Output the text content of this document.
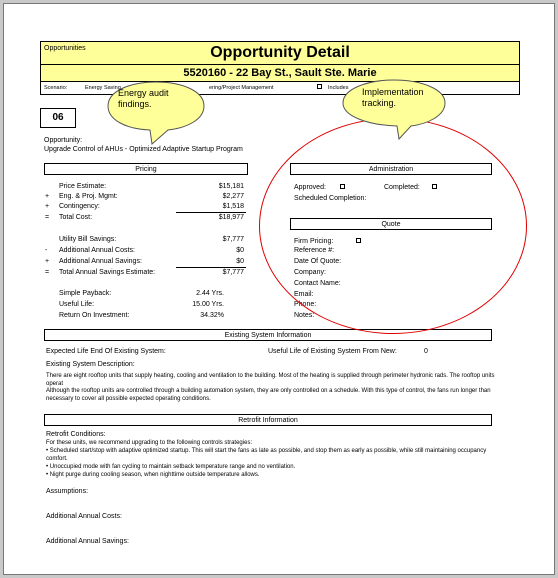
Opportunities	Opportunity Detail
5520160 - 22 Bay St., Sault Ste. Marie
Scenario:	Energy Saving	ering/Project Management	Includes
06
Opportunity:
Upgrade Control of AHUs - Optimized Adaptive Startup Program
Pricing
Price Estimate:	$15,181
+ Eng. & Proj. Mgmt:	$2,277
+ Contingency:	$1,518
= Total Cost:	$18,977
Utility Bill Savings:	$7,777
- Additional Annual Costs:	$0
+ Additional Annual Savings:	$0
= Total Annual Savings Estimate:	$7,777
Simple Payback:	2.44 Yrs.
Useful Life:	15.00 Yrs.
Return On Investment:	34.32%
Administration
Approved:	Completed:
Scheduled Completion:
Quote
Firm Pricing:
Reference #:
Date Of Quote:
Company:
Contact Name:
Email:
Phone:
Notes:
Existing System Information
Expected Life End Of Existing System:	Useful Life of Existing System From New:	0
Existing System Description:
There are eight rooftop units that supply heating, cooling and ventilation to the building. Most of the heating is supplied through perimeter hydronic rads. The rooftop units operat
Although the rooftop units are controlled through a building automation system, they are only controlled on a schedule. With this type of control, the fans run longer than necessary to cover all possible expected operating conditions.
Retrofit Information
Retrofit Conditions:
For these units, we recommend upgrading to the following controls strategies:
• Scheduled start/stop with adaptive optimized startup. This will start the fans as late as possible, and stop them as early as possible, while still maintaining occupancy comfort.
• Unoccupied mode with fan cycling to maintain setback temperature range and no ventilation.
• Night purge during cooling season, when nighttime outside temperature allows.
Assumptions:
Additional Annual Costs:
Additional Annual Savings:
Energy audit findings.
Implementation tracking.
